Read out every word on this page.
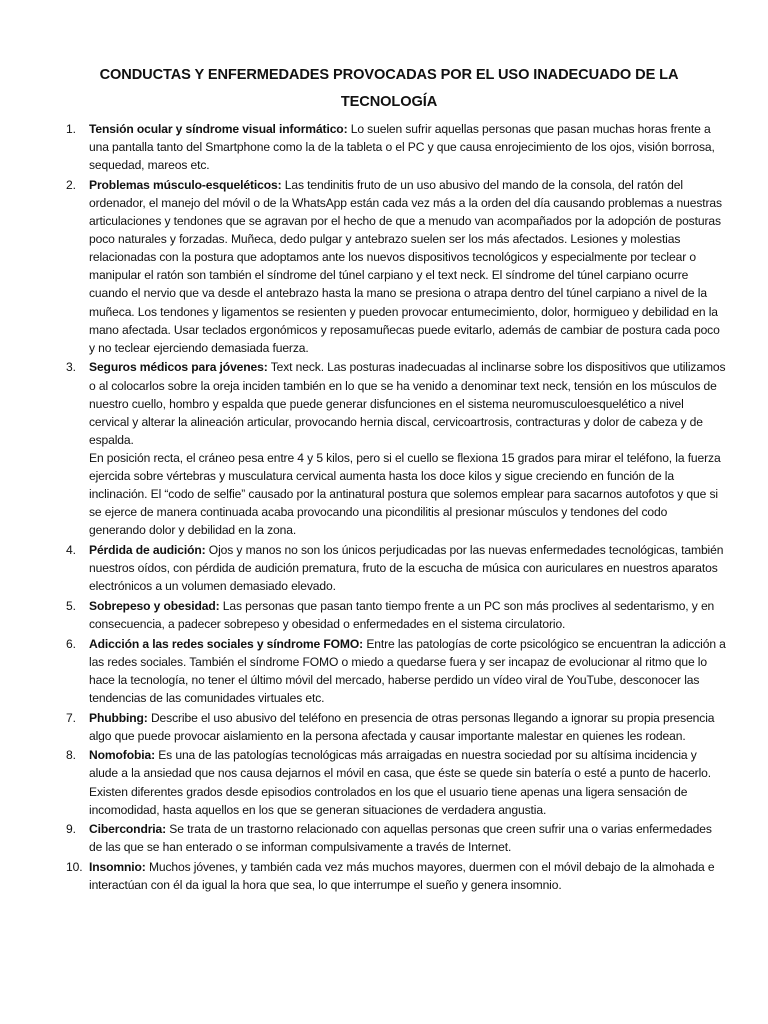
CONDUCTAS Y ENFERMEDADES PROVOCADAS POR EL USO INADECUADO DE LA
TECNOLOGÍA
1. Tensión ocular y síndrome visual informático: Lo suelen sufrir aquellas personas que pasan muchas horas frente a una pantalla tanto del Smartphone como la de la tableta o el PC y que causa enrojecimiento de los ojos, visión borrosa, sequedad, mareos etc.
2. Problemas músculo-esqueléticos: Las tendinitis fruto de un uso abusivo del mando de la consola, del ratón del ordenador, el manejo del móvil o de la WhatsApp están cada vez más a la orden del día causando problemas a nuestras articulaciones y tendones que se agravan por el hecho de que a menudo van acompañados por la adopción de posturas poco naturales y forzadas. Muñeca, dedo pulgar y antebrazo suelen ser los más afectados. Lesiones y molestias relacionadas con la postura que adoptamos ante los nuevos dispositivos tecnológicos y especialmente por teclear o manipular el ratón son también el síndrome del túnel carpiano y el text neck. El síndrome del túnel carpiano ocurre cuando el nervio que va desde el antebrazo hasta la mano se presiona o atrapa dentro del túnel carpiano a nivel de la muñeca. Los tendones y ligamentos se resienten y pueden provocar entumecimiento, dolor, hormigueo y debilidad en la mano afectada. Usar teclados ergonómicos y reposamuñecas puede evitarlo, además de cambiar de postura cada poco y no teclear ejerciendo demasiada fuerza.
3. Seguros médicos para jóvenes: Text neck. Las posturas inadecuadas al inclinarse sobre los dispositivos que utilizamos o al colocarlos sobre la oreja inciden también en lo que se ha venido a denominar text neck, tensión en los músculos de nuestro cuello, hombro y espalda que puede generar disfunciones en el sistema neuromusculoesquelético a nivel cervical y alterar la alineación articular, provocando hernia discal, cervicoartrosis, contracturas y dolor de cabeza y de espalda.
En posición recta, el cráneo pesa entre 4 y 5 kilos, pero si el cuello se flexiona 15 grados para mirar el teléfono, la fuerza ejercida sobre vértebras y musculatura cervical aumenta hasta los doce kilos y sigue creciendo en función de la inclinación. El “codo de selfie” causado por la antinatural postura que solemos emplear para sacarnos autofotos y que si se ejerce de manera continuada acaba provocando una picondilitis al presionar músculos y tendones del codo generando dolor y debilidad en la zona.
4. Pérdida de audición: Ojos y manos no son los únicos perjudicadas por las nuevas enfermedades tecnológicas, también nuestros oídos, con pérdida de audición prematura, fruto de la escucha de música con auriculares en nuestros aparatos electrónicos a un volumen demasiado elevado.
5. Sobrepeso y obesidad: Las personas que pasan tanto tiempo frente a un PC son más proclives al sedentarismo, y en consecuencia, a padecer sobrepeso y obesidad o enfermedades en el sistema circulatorio.
6. Adicción a las redes sociales y síndrome FOMO: Entre las patologías de corte psicológico se encuentran la adicción a las redes sociales. También el síndrome FOMO o miedo a quedarse fuera y ser incapaz de evolucionar al ritmo que lo hace la tecnología, no tener el último móvil del mercado, haberse perdido un vídeo viral de YouTube, desconocer las tendencias de las comunidades virtuales etc.
7. Phubbing: Describe el uso abusivo del teléfono en presencia de otras personas llegando a ignorar su propia presencia algo que puede provocar aislamiento en la persona afectada y causar importante malestar en quienes les rodean.
8. Nomofobia: Es una de las patologías tecnológicas más arraigadas en nuestra sociedad por su altísima incidencia y alude a la ansiedad que nos causa dejarnos el móvil en casa, que éste se quede sin batería o esté a punto de hacerlo. Existen diferentes grados desde episodios controlados en los que el usuario tiene apenas una ligera sensación de incomodidad, hasta aquellos en los que se generan situaciones de verdadera angustia.
9. Cibercondria: Se trata de un trastorno relacionado con aquellas personas que creen sufrir una o varias enfermedades de las que se han enterado o se informan compulsivamente a través de Internet.
10. Insomnio: Muchos jóvenes, y también cada vez más muchos mayores, duermen con el móvil debajo de la almohada e interactúan con él da igual la hora que sea, lo que interrumpe el sueño y genera insomnio.
